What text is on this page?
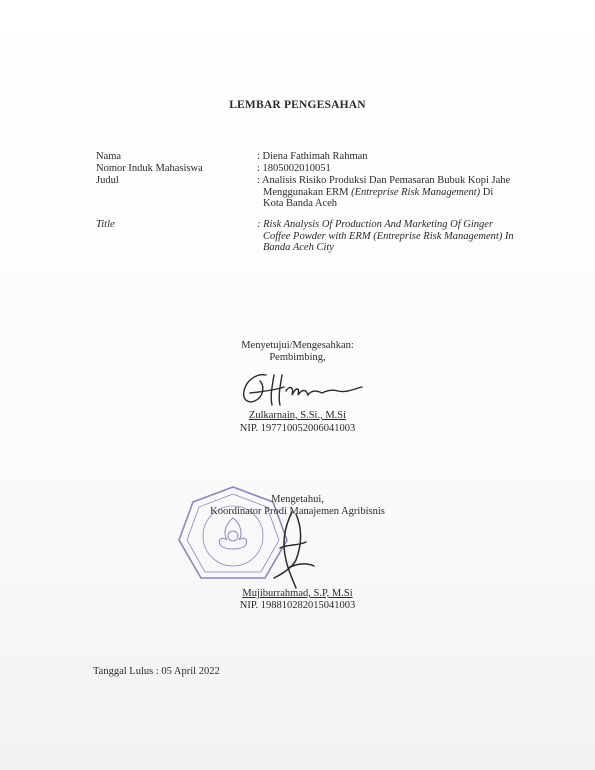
LEMBAR PENGESAHAN
Nama	: Diena Fathimah Rahman
Nomor Induk Mahasiswa	: 1805002010051
Judul	: Analisis Risiko Produksi Dan Pemasaran Bubuk Kopi Jahe
Menggunakan ERM (Entreprise Risk Management) Di
Kota Banda Aceh
Title	: Risk Analysis Of Production And Marketing Of Ginger
Coffee Powder with ERM (Entreprise Risk Management) In
Banda Aceh City
Menyetujui/Mengesahkan:
Pembimbing,
Zulkarnain, S.Si., M.Si
NIP. 197710052006041003
Mengetahui,
Koordinator Prodi Manajemen Agribisnis
Mujiburrahmad, S.P, M.Si
NIP. 198810282015041003
Tanggal Lulus : 05 April 2022
